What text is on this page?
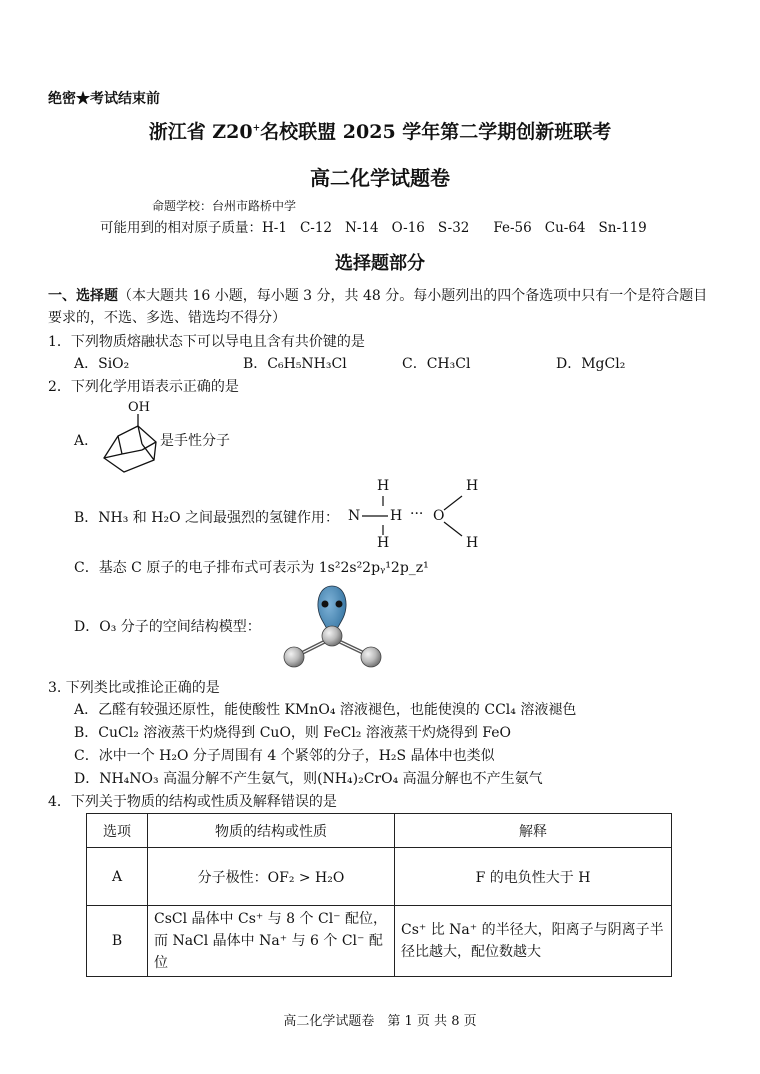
绝密★考试结束前
浙江省 Z20+名校联盟 2025 学年第二学期创新班联考
高二化学试题卷
命题学校：台州市路桥中学
可能用到的相对原子质量：H-1 C-12 N-14 O-16 S-32 Fe-56 Cu-64 Sn-119
选择题部分
一、选择题（本大题共 16 小题，每小题 3 分，共 48 分。每小题列出的四个备选项中只有一个是符合题目要求的，不选、多选、错选均不得分）
1．下列物质熔融状态下可以导电且含有共价键的是
A．SiO₂	B．C₆H₅NH₃Cl	C．CH₃Cl	D．MgCl₂
2．下列化学用语表示正确的是
A．
OH
是手性分子
B．NH₃ 和 H₂O 之间最强烈的氢键作用： N
H
H
H ··· O
H
H
C．基态 C 原子的电子排布式可表示为 1s²2s²2pᵧ¹2p_z¹
D．O₃ 分子的空间结构模型：
3. 下列类比或推论正确的是
A．乙醛有较强还原性，能使酸性 KMnO₄ 溶液褪色，也能使溴的 CCl₄ 溶液褪色
B．CuCl₂ 溶液蒸干灼烧得到 CuO，则 FeCl₂ 溶液蒸干灼烧得到 FeO
C．冰中一个 H₂O 分子周围有 4 个紧邻的分子，H₂S 晶体中也类似
D．NH₄NO₃ 高温分解不产生氨气，则(NH₄)₂CrO₄ 高温分解也不产生氨气
4．下列关于物质的结构或性质及解释错误的是
选项	物质的结构或性质	解释
A	分子极性：OF₂ > H₂O	F 的电负性大于 H
B	CsCl 晶体中 Cs⁺ 与 8 个 Cl⁻ 配位，而 NaCl 晶体中 Na⁺ 与 6 个 Cl⁻ 配位	Cs⁺ 比 Na⁺ 的半径大，阳离子与阴离子半径比越大，配位数越大
高二化学试题卷　第 1 页 共 8 页
